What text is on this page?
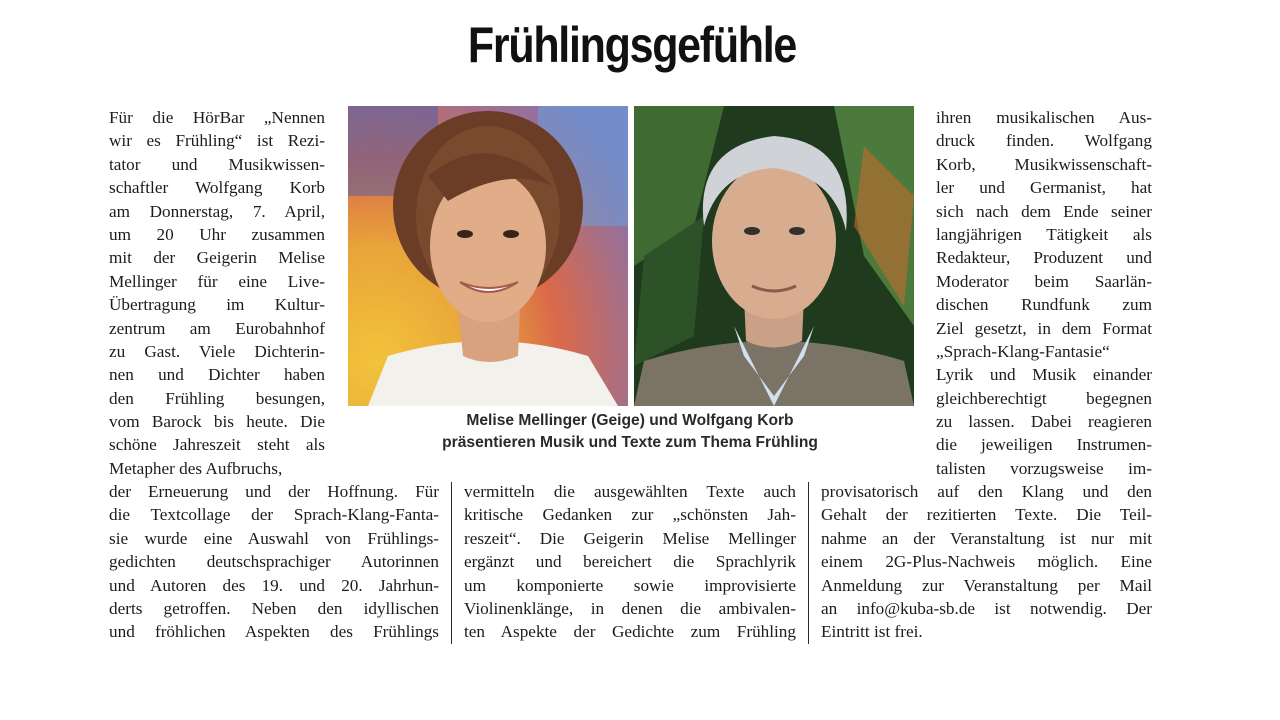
Frühlingsgefühle
Für die HörBar „Nennen
wir es Frühling“ ist Rezi-
tator und Musikwissen-
schaftler Wolfgang Korb
am Donnerstag, 7. April,
um 20 Uhr zusammen
mit der Geigerin Melise
Mellinger für eine Live-
Übertragung im Kultur-
zentrum am Eurobahnhof
zu Gast. Viele Dichterin-
nen und Dichter haben
den Frühling besungen,
vom Barock bis heute. Die
schöne Jahreszeit steht als
Metapher des Aufbruchs,
Melise Mellinger (Geige) und Wolfgang Korb
präsentieren Musik und Texte zum Thema Frühling
ihren musikalischen Aus-
druck finden. Wolfgang
Korb, Musikwissenschaft-
ler und Germanist, hat
sich nach dem Ende seiner
langjährigen Tätigkeit als
Redakteur, Produzent und
Moderator beim Saarlän-
dischen Rundfunk zum
Ziel gesetzt, in dem Format
„Sprach-Klang-Fantasie“
Lyrik und Musik einander
gleichberechtigt begegnen
zu lassen. Dabei reagieren
die jeweiligen Instrumen-
talisten vorzugsweise im-
der Erneuerung und der Hoffnung. Für
die Textcollage der Sprach-Klang-Fanta-
sie wurde eine Auswahl von Frühlings-
gedichten deutschsprachiger Autorinnen
und Autoren des 19. und 20. Jahrhun-
derts getroffen. Neben den idyllischen
und fröhlichen Aspekten des Frühlings
vermitteln die ausgewählten Texte auch
kritische Gedanken zur „schönsten Jah-
reszeit“. Die Geigerin Melise Mellinger
ergänzt und bereichert die Sprachlyrik
um komponierte sowie improvisierte
Violinenklänge, in denen die ambivalen-
ten Aspekte der Gedichte zum Frühling
provisatorisch auf den Klang und den
Gehalt der rezitierten Texte. Die Teil-
nahme an der Veranstaltung ist nur mit
einem 2G-Plus-Nachweis möglich. Eine
Anmeldung zur Veranstaltung per Mail
an info@kuba-sb.de ist notwendig. Der
Eintritt ist frei.
